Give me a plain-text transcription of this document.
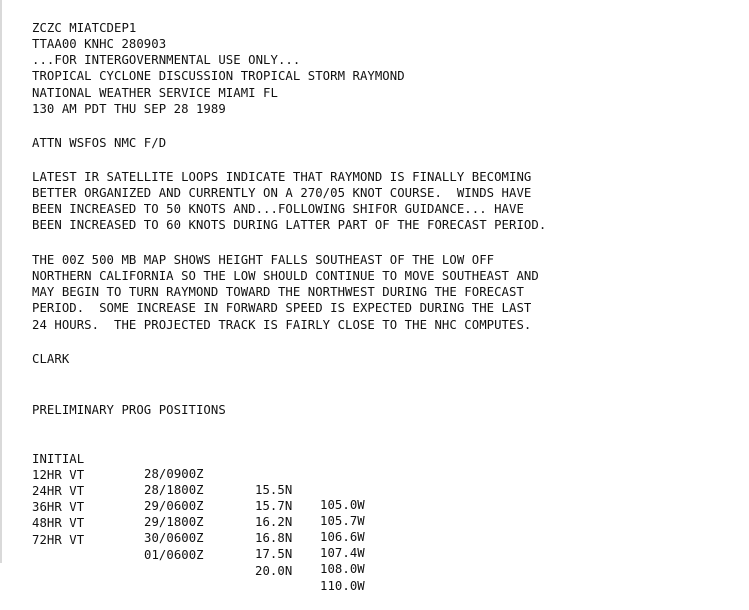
ZCZC MIATCDEP1
TTAA00 KNHC 280903
...FOR INTERGOVERNMENTAL USE ONLY...
TROPICAL CYCLONE DISCUSSION TROPICAL STORM RAYMOND
NATIONAL WEATHER SERVICE MIAMI FL
130 AM PDT THU SEP 28 1989
ATTN WSFOS NMC F/D
LATEST IR SATELLITE LOOPS INDICATE THAT RAYMOND IS FINALLY BECOMING
BETTER ORGANIZED AND CURRENTLY ON A 270/05 KNOT COURSE.  WINDS HAVE
BEEN INCREASED TO 50 KNOTS AND...FOLLOWING SHIFOR GUIDANCE... HAVE
BEEN INCREASED TO 60 KNOTS DURING LATTER PART OF THE FORECAST PERIOD.
THE 00Z 500 MB MAP SHOWS HEIGHT FALLS SOUTHEAST OF THE LOW OFF
NORTHERN CALIFORNIA SO THE LOW SHOULD CONTINUE TO MOVE SOUTHEAST AND
MAY BEGIN TO TURN RAYMOND TOWARD THE NORTHWEST DURING THE FORECAST
PERIOD.  SOME INCREASE IN FORWARD SPEED IS EXPECTED DURING THE LAST
24 HOURS.  THE PROJECTED TRACK IS FAIRLY CLOSE TO THE NHC COMPUTES.
CLARK
PRELIMINARY PROG POSITIONS

INITIAL

28/0900Z

15.5N

105.0W

12HR VT

28/1800Z

15.7N

105.7W

24HR VT

29/0600Z

16.2N

106.6W

36HR VT

29/1800Z

16.8N

107.4W

48HR VT

30/0600Z

17.5N

108.0W

72HR VT

01/0600Z

20.0N

110.0W
